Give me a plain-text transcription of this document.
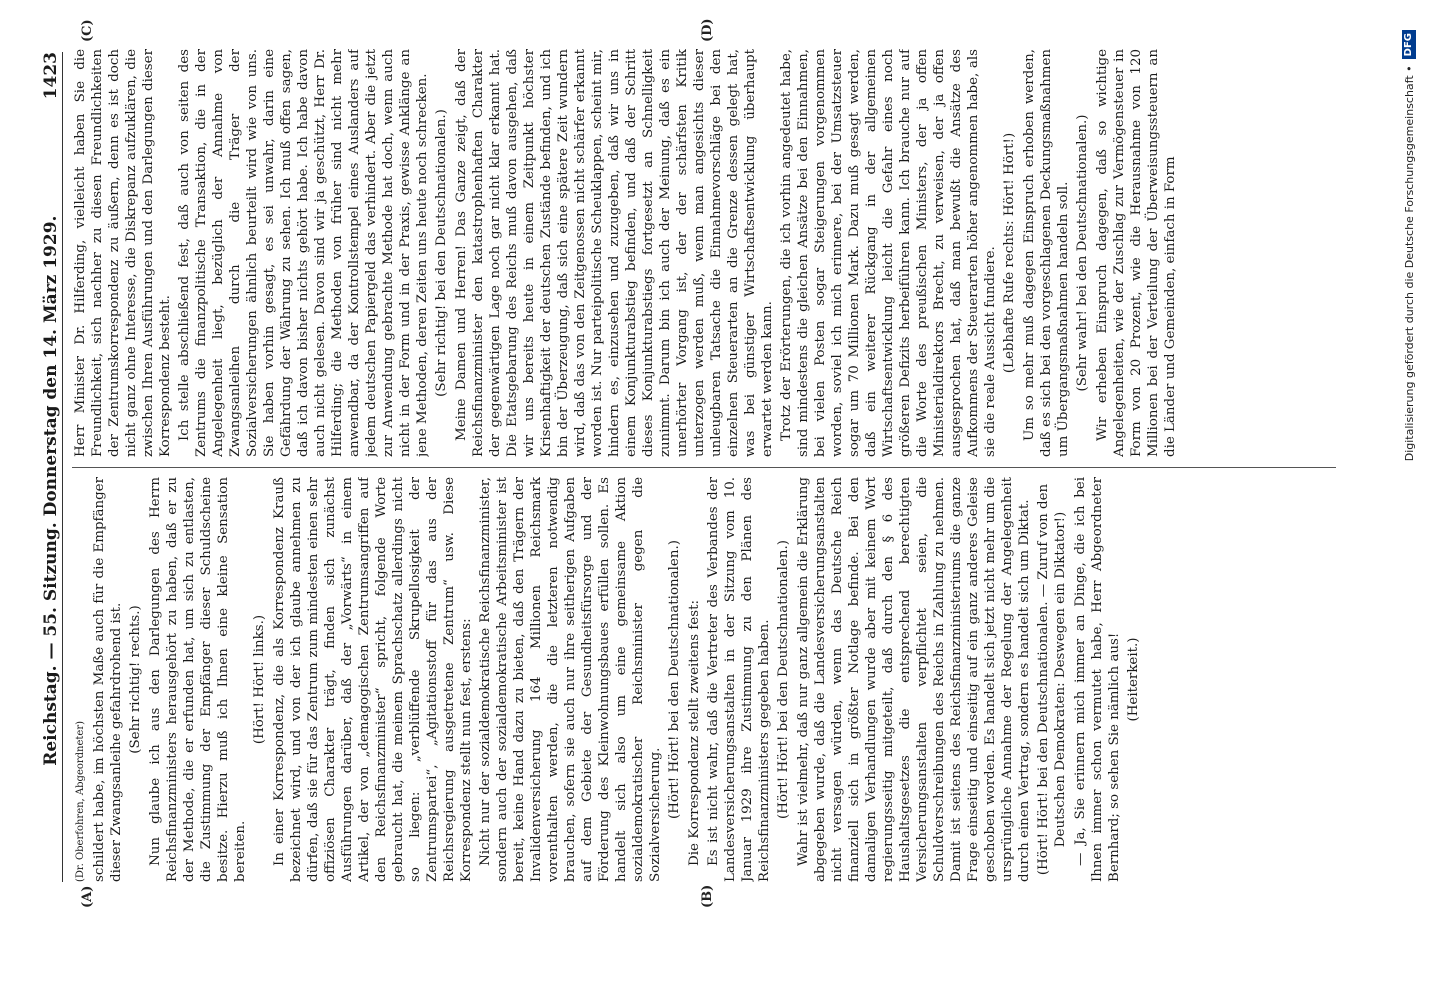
Reichstag. — 55. Sitzung. Donnerstag den 14. März 1929.
1423
(A)	(B)
(C)	(D)

(Dr. Oberfohren, Abgeordneter) schildert habe, im höchsten Maße auch für die Empfänger dieser Zwangsanleihe gefahrdrohend ist. (Sehr richtig! rechts.) Nun glaube ich aus den Darlegungen des Herrn Reichsfinanzministers herausgehört zu haben, daß er zu der Methode, die er erfunden hat, um sich zu entlasten, die Zustimmung der Empfänger dieser Schuldscheine besitze. Hierzu muß ich Ihnen eine kleine Sensation bereiten.

(Hört! Hört! links.) In einer Korrespondenz, die als Korrespondenz Krauß bezeichnet wird, und von der ich glaube annehmen zu dürfen, daß sie für das Zentrum zum mindesten einen sehr offiziösen Charakter trägt, finden sich zunächst Ausführungen darüber, daß der „Vorwärts“ in einem Artikel, der von „demagogischen Zentrumsangriffen auf den Reichsfinanzminister“ spricht, folgende Worte gebraucht hat, die meinem Sprachschatz allerdings nicht so liegen: „verblüffende Skrupellosigkeit der Zentrumspartei“, „Agitationsstoff für das aus der Reichsregierung ausgetretene Zentrum“ usw. Diese Korrespondenz stellt nun fest, erstens: Nicht nur der sozialdemokratische Reichsfinanzminister, sondern auch der sozialdemokratische Arbeitsminister ist bereit, keine Hand dazu zu bieten, daß den Trägern der Invalidenversicherung 164 Millionen Reichsmark vorenthalten werden, die die letzteren notwendig brauchen, sofern sie auch nur ihre seitherigen Aufgaben auf dem Gebiete der Gesundheitsfürsorge und der Förderung des Kleinwohnungsbaues erfüllen sollen. Es handelt sich also um eine gemeinsame Aktion sozialdemokratischer Reichsminister gegen die Sozialversicherung. (Hört! Hört! bei den Deutschnationalen.) Die Korrespondenz stellt zweitens fest: Es ist nicht wahr, daß die Vertreter des Verbandes der Landesversicherungsanstalten in der Sitzung vom 10. Januar 1929 ihre Zustimmung zu den Plänen des Reichsfinanzministers gegeben haben. (Hört! Hört! bei den Deutschnationalen.) Wahr ist vielmehr, daß nur ganz allgemein die Erklärung abgegeben wurde, daß die Landesversicherungsanstalten nicht versagen würden, wenn das Deutsche Reich finanziell sich in größter Notlage befinde. Bei den damaligen Verhandlungen wurde aber mit keinem Wort regierungsseitig mitgeteilt, daß durch den § 6 des Haushaltsgesetzes die entsprechend berechtigten Versicherungsanstalten verpflichtet seien, die Schuldverschreibungen des Reichs in Zahlung zu nehmen. Damit ist seitens des Reichsfinanzministeriums die ganze Frage einseitig und einseitig auf ein ganz anderes Geleise geschoben worden. Es handelt sich jetzt nicht mehr um die ursprüngliche Annahme der Regelung der Angelegenheit durch einen Vertrag, sondern es handelt sich um Diktat. (Hört! Hört! bei den Deutschnationalen. — Zuruf von den Deutschen Demokraten: Deswegen ein Diktator!) — Ja, Sie erinnern mich immer an Dinge, die ich bei Ihnen immer schon vermutet habe, Herr Abgeordneter Bernhard; so sehen Sie nämlich aus! (Heiterkeit.)

Herr Minister Dr. Hilferding, vielleicht haben Sie die Freundlichkeit, sich nachher zu diesen Freundlichkeiten der Zentrumskorrespondenz zu äußern, denn es ist doch nicht ganz ohne Interesse, die Diskrepanz aufzuklären, die zwischen Ihren Ausführungen und den Darlegungen dieser Korrespondenz besteht. Ich stelle abschließend fest, daß auch von seiten des Zentrums die finanzpolitische Transaktion, die in der Angelegenheit liegt, bezüglich der Annahme von Zwangsanleihen durch die Träger der Sozialversicherungen ähnlich beurteilt wird wie von uns. Sie haben vorhin gesagt, es sei unwahr, darin eine Gefährdung der Währung zu sehen. Ich muß offen sagen, daß ich davon bisher nichts gehört habe. Ich habe davon auch nicht gelesen. Davon sind wir ja geschützt, Herr Dr. Hilferding; die Methoden von früher sind nicht mehr anwendbar, da der Kontrollstempel eines Auslanders auf jedem deutschen Papiergeld das verhindert. Aber die jetzt zur Anwendung gebrachte Methode hat doch, wenn auch nicht in der Form und in der Praxis, gewisse Anklänge an jene Methoden, deren Zeiten uns heute noch schrecken. (Sehr richtig! bei den Deutschnationalen.) Meine Damen und Herren! Das Ganze zeigt, daß der Reichsfinanzminister den katastrophenhaften Charakter der gegenwärtigen Lage noch gar nicht klar erkannt hat. Die Etatsgebarung des Reichs muß davon ausgehen, daß wir uns bereits heute in einem Zeitpunkt höchster Krisenhaftigkeit der deutschen Zustände befinden, und ich bin der Überzeugung, daß sich eine spätere Zeit wundern wird, daß das von den Zeitgenossen nicht schärfer erkannt worden ist. Nur parteipolitische Scheuklappen, scheint mir, hindern es, einzusehen und zuzugeben, daß wir uns in einem Konjunkturabstieg befinden, und daß der Schritt dieses Konjunkturabstiegs fortgesetzt an Schnelligkeit zunimmt. Darum bin ich auch der Meinung, daß es ein unerhörter Vorgang ist, der der schärfsten Kritik unterzogen werden muß, wenn man angesichts dieser unleugbaren Tatsache die Einnahmevorschläge bei den einzelnen Steuerarten an die Grenze dessen gelegt hat, was bei günstiger Wirtschaftsentwicklung überhaupt erwartet werden kann. Trotz der Erörterungen, die ich vorhin angedeutet habe, sind mindestens die gleichen Ansätze bei den Einnahmen, bei vielen Posten sogar Steigerungen vorgenommen worden, soviel ich mich erinnere, bei der Umsatzsteuer sogar um 70 Millionen Mark. Dazu muß gesagt werden, daß ein weiterer Rückgang in der allgemeinen Wirtschaftsentwicklung leicht die Gefahr eines noch größeren Defizits herbeiführen kann. Ich brauche nur auf die Worte des preußischen Ministers, der ja offen Ministerialdirektors Brecht, zu verweisen, der ja offen ausgesprochen hat, daß man bewußt die Ansätze des Aufkommens der Steuerarten höher angenommen habe, als sie die reale Aussicht fundiere. (Lebhafte Rufe rechts: Hört! Hört!) Um so mehr muß dagegen Einspruch erhoben werden, daß es sich bei den vorgeschlagenen Deckungsmaßnahmen um Übergangsmaßnahmen handeln soll. (Sehr wahr! bei den Deutschnationalen.) Wir erheben Einspruch dagegen, daß so wichtige Angelegenheiten, wie der Zuschlag zur Vermögensteuer in Form von 20 Prozent, wie die Herausnahme von 120 Millionen bei der Verteilung der Überweisungssteuern an die Länder und Gemeinden, einfach in Form	Digitalisierung gefördert durch die Deutsche Forschungsgemeinschaft •
DFG
